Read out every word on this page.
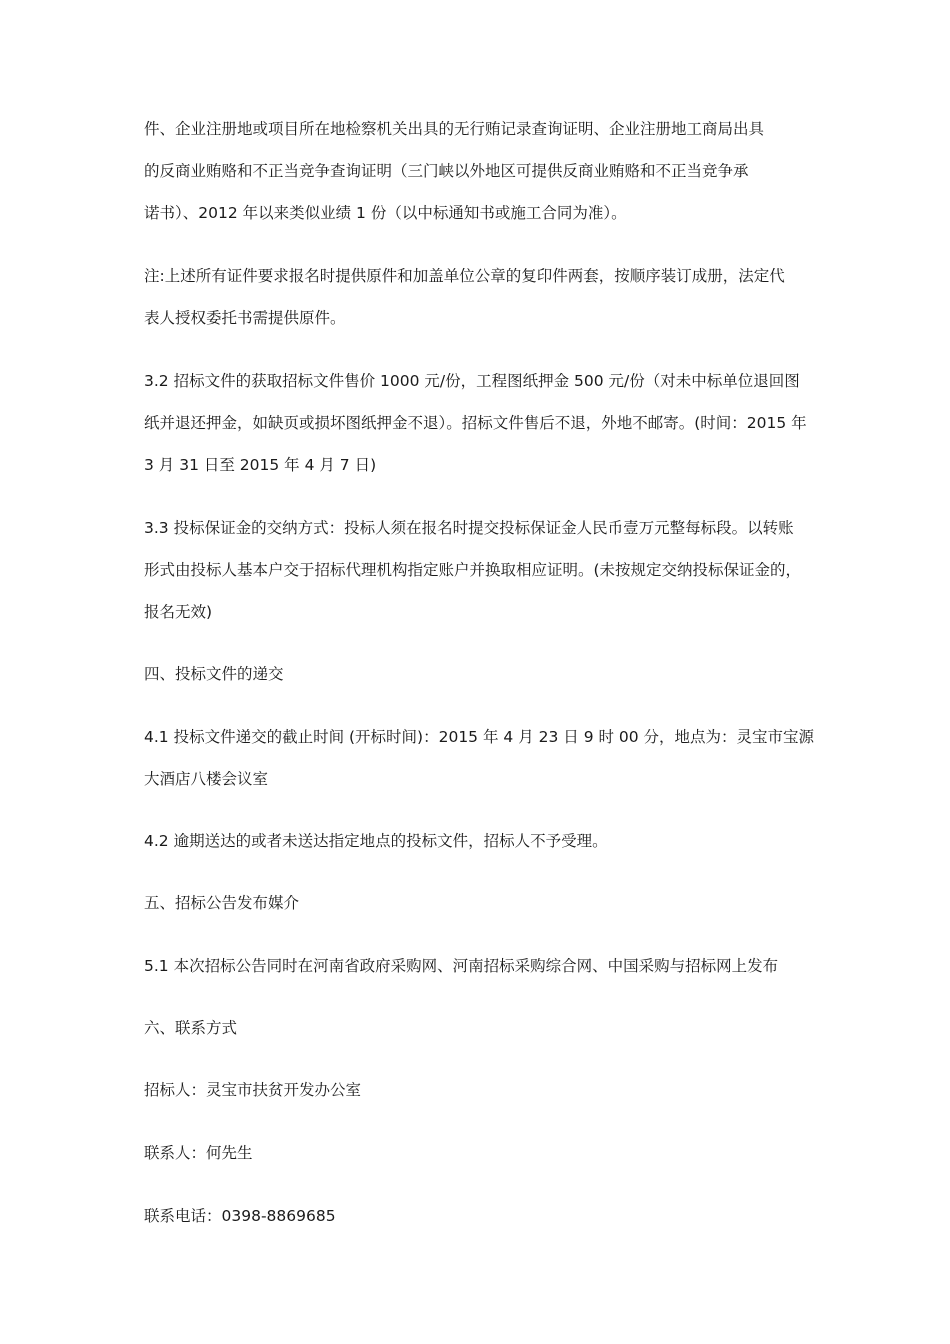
件、企业注册地或项目所在地检察机关出具的无行贿记录查询证明、企业注册地工商局出具
的反商业贿赂和不正当竞争查询证明（三门峡以外地区可提供反商业贿赂和不正当竞争承
诺书）、2012 年以来类似业绩 1 份（以中标通知书或施工合同为准）。
注:上述所有证件要求报名时提供原件和加盖单位公章的复印件两套，按顺序装订成册，法定代
表人授权委托书需提供原件。
3.2 招标文件的获取招标文件售价 1000 元/份，工程图纸押金 500 元/份（对未中标单位退回图
纸并退还押金，如缺页或损坏图纸押金不退）。招标文件售后不退，外地不邮寄。(时间：2015 年
3 月 31 日至 2015 年 4 月 7 日)
3.3 投标保证金的交纳方式：投标人须在报名时提交投标保证金人民币壹万元整每标段。以转账
形式由投标人基本户交于招标代理机构指定账户并换取相应证明。(未按规定交纳投标保证金的，
报名无效)
四、投标文件的递交
4.1 投标文件递交的截止时间 (开标时间)：2015 年 4 月 23 日 9 时 00 分，地点为：灵宝市宝源
大酒店八楼会议室
4.2 逾期送达的或者未送达指定地点的投标文件，招标人不予受理。
五、招标公告发布媒介
5.1 本次招标公告同时在河南省政府采购网、河南招标采购综合网、中国采购与招标网上发布
六、联系方式
招标人：灵宝市扶贫开发办公室
联系人：何先生
联系电话：0398-8869685
